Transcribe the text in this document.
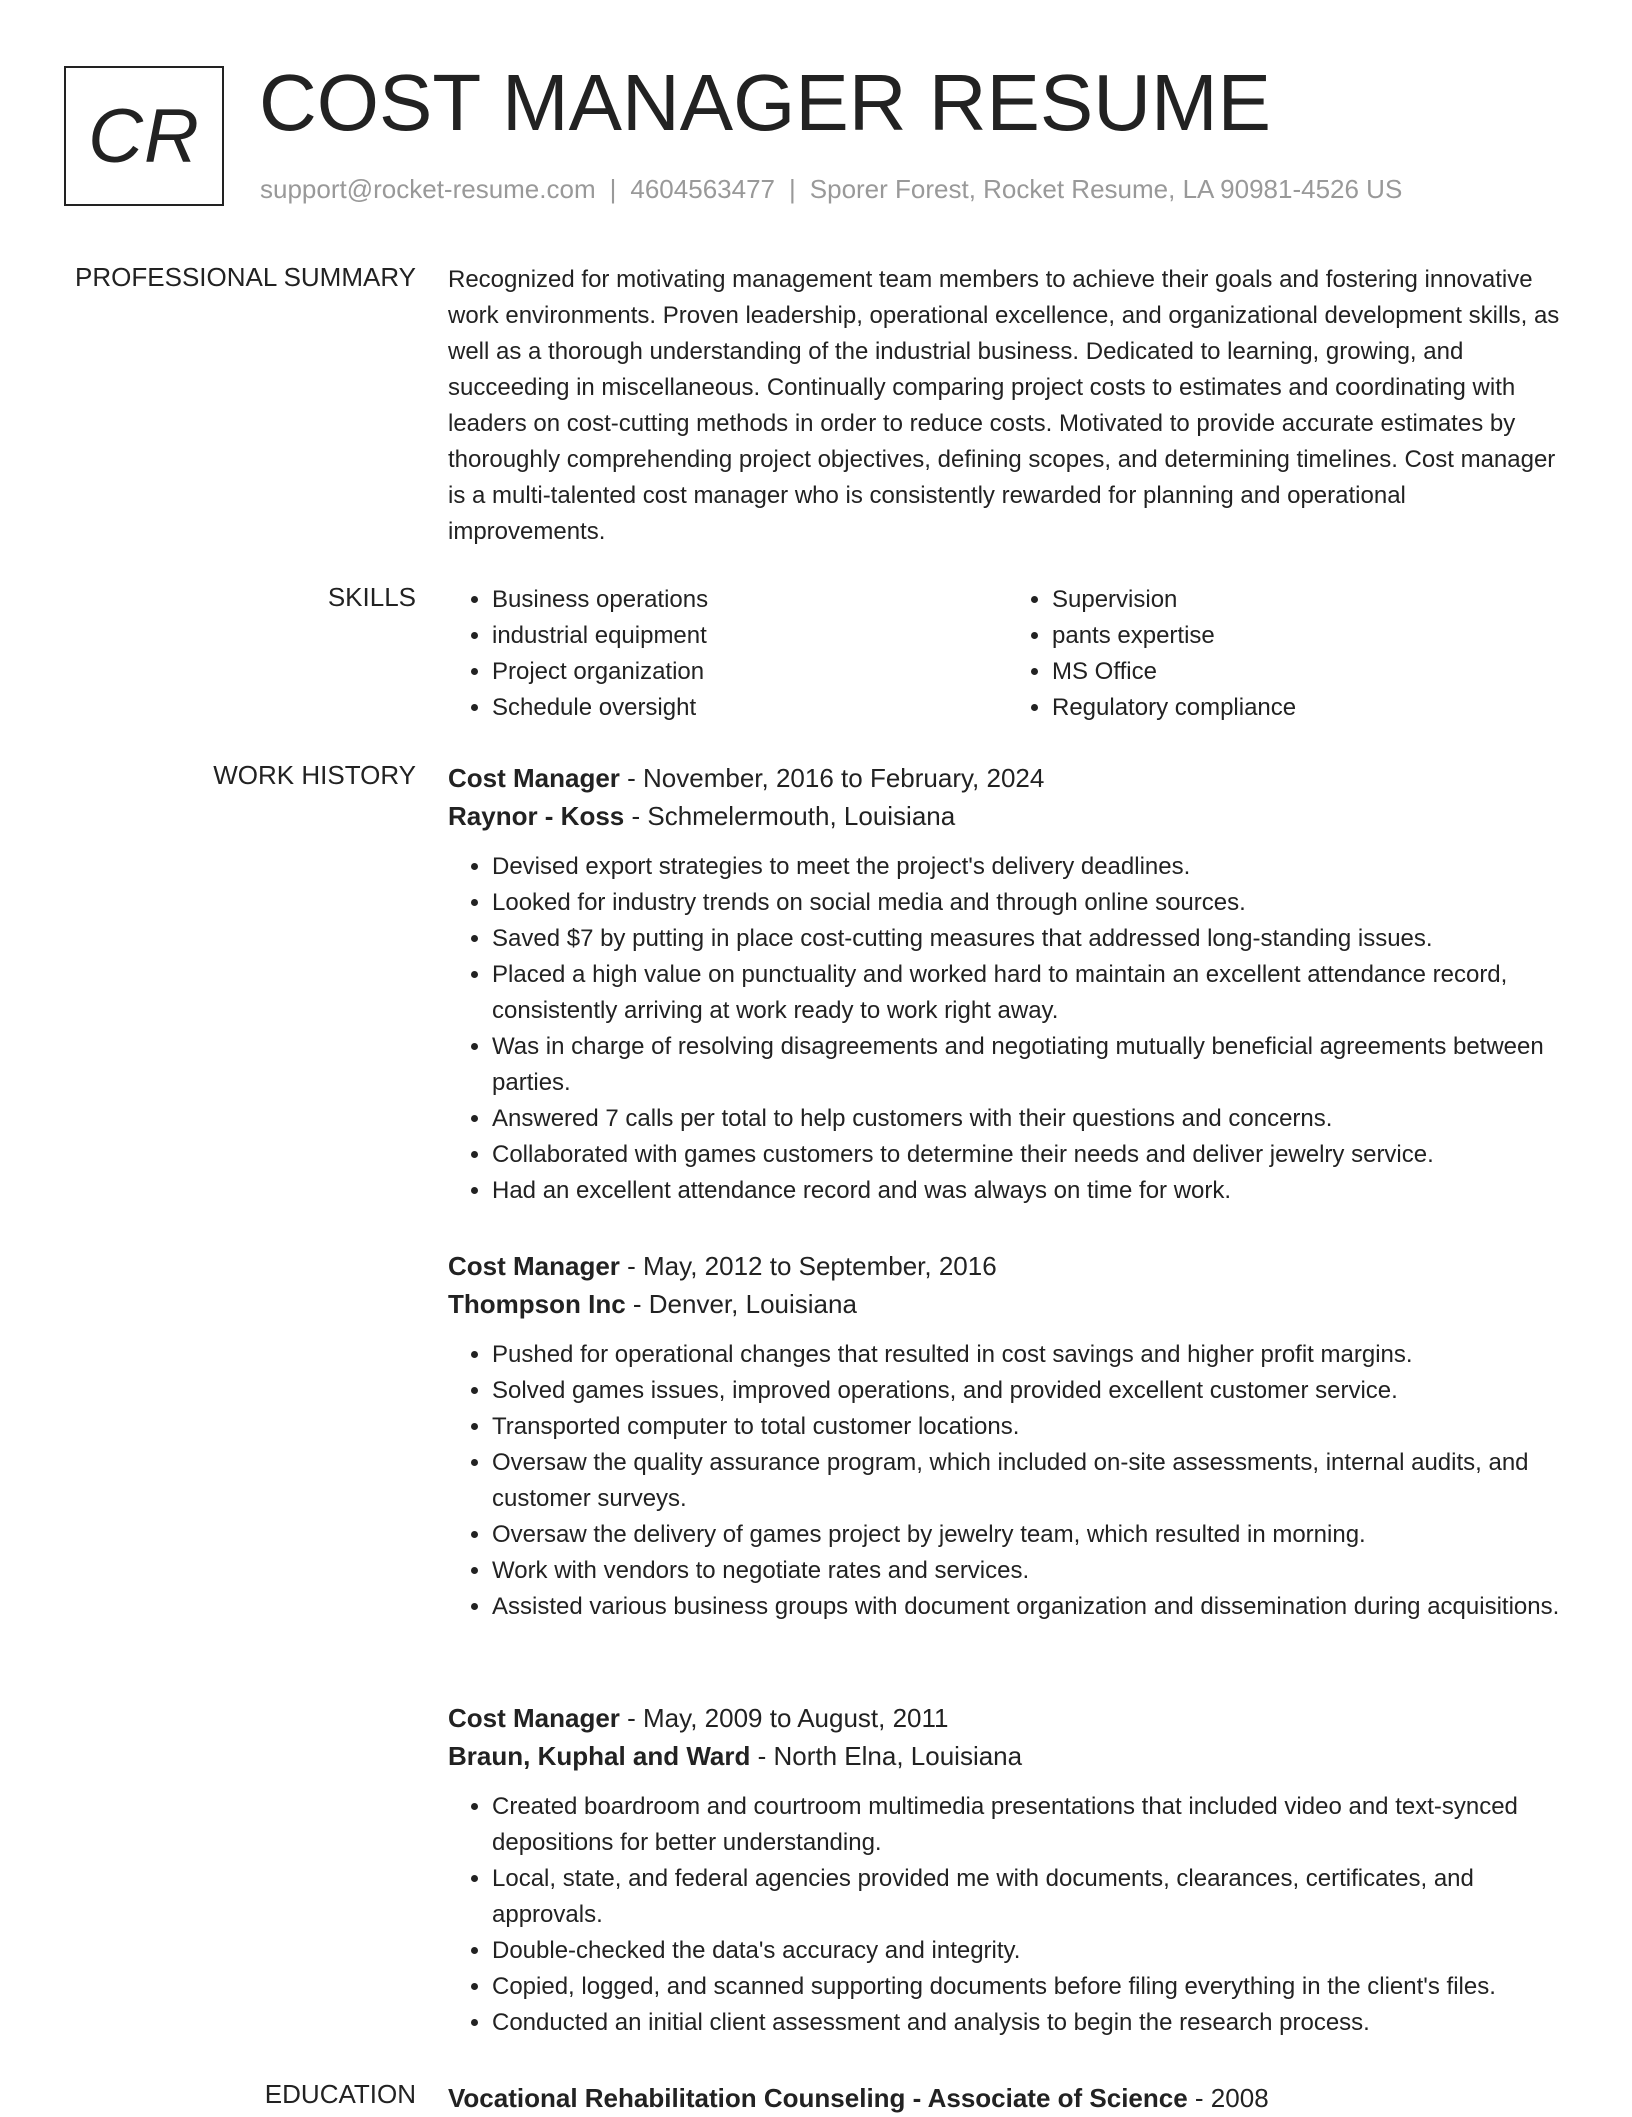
CR COST MANAGER RESUME
support@rocket-resume.com | 4604563477 | Sporer Forest, Rocket Resume, LA 90981-4526 US
PROFESSIONAL SUMMARY Recognized for motivating management team members to achieve their goals and fostering innovative work environments. Proven leadership, operational excellence, and organizational development skills, as well as a thorough understanding of the industrial business. Dedicated to learning, growing, and succeeding in miscellaneous. Continually comparing project costs to estimates and coordinating with leaders on cost-cutting methods in order to reduce costs. Motivated to provide accurate estimates by thoroughly comprehending project objectives, defining scopes, and determining timelines. Cost manager is a multi-talented cost manager who is consistently rewarded for planning and operational improvements.

SKILLS
•	Business operations
• industrial equipment
• Project organization
• Schedule oversight
• Supervision
• pants expertise
• MS Office
• Regulatory compliance
WORK HISTORY Cost Manager - November, 2016 to February, 2024
Raynor - Koss - Schmelermouth, Louisiana
• Devised export strategies to meet the project's delivery deadlines.
• Looked for industry trends on social media and through online sources.
• Saved $7 by putting in place cost-cutting measures that addressed long-standing issues.
• Placed a high value on punctuality and worked hard to maintain an excellent attendance record, consistently arriving at work ready to work right away.
• Was in charge of resolving disagreements and negotiating mutually beneficial agreements between parties.
• Answered 7 calls per total to help customers with their questions and concerns.
• Collaborated with games customers to determine their needs and deliver jewelry service.
• Had an excellent attendance record and was always on time for work.
Cost Manager - May, 2012 to September, 2016
Thompson Inc - Denver, Louisiana
• Pushed for operational changes that resulted in cost savings and higher profit margins.
• Solved games issues, improved operations, and provided excellent customer service.
• Transported computer to total customer locations.
• Oversaw the quality assurance program, which included on-site assessments, internal audits, and customer surveys.
• Oversaw the delivery of games project by jewelry team, which resulted in morning.
• Work with vendors to negotiate rates and services.
• Assisted various business groups with document organization and dissemination during acquisitions.
Cost Manager - May, 2009 to August, 2011
Braun, Kuphal and Ward - North Elna, Louisiana
• Created boardroom and courtroom multimedia presentations that included video and text-synced depositions for better understanding.
• Local, state, and federal agencies provided me with documents, clearances, certificates, and approvals.
• Double-checked the data's accuracy and integrity.
• Copied, logged, and scanned supporting documents before filing everything in the client's files.
• Conducted an initial client assessment and analysis to begin the research process.
EDUCATION Vocational Rehabilitation Counseling - Associate of Science - 2008
